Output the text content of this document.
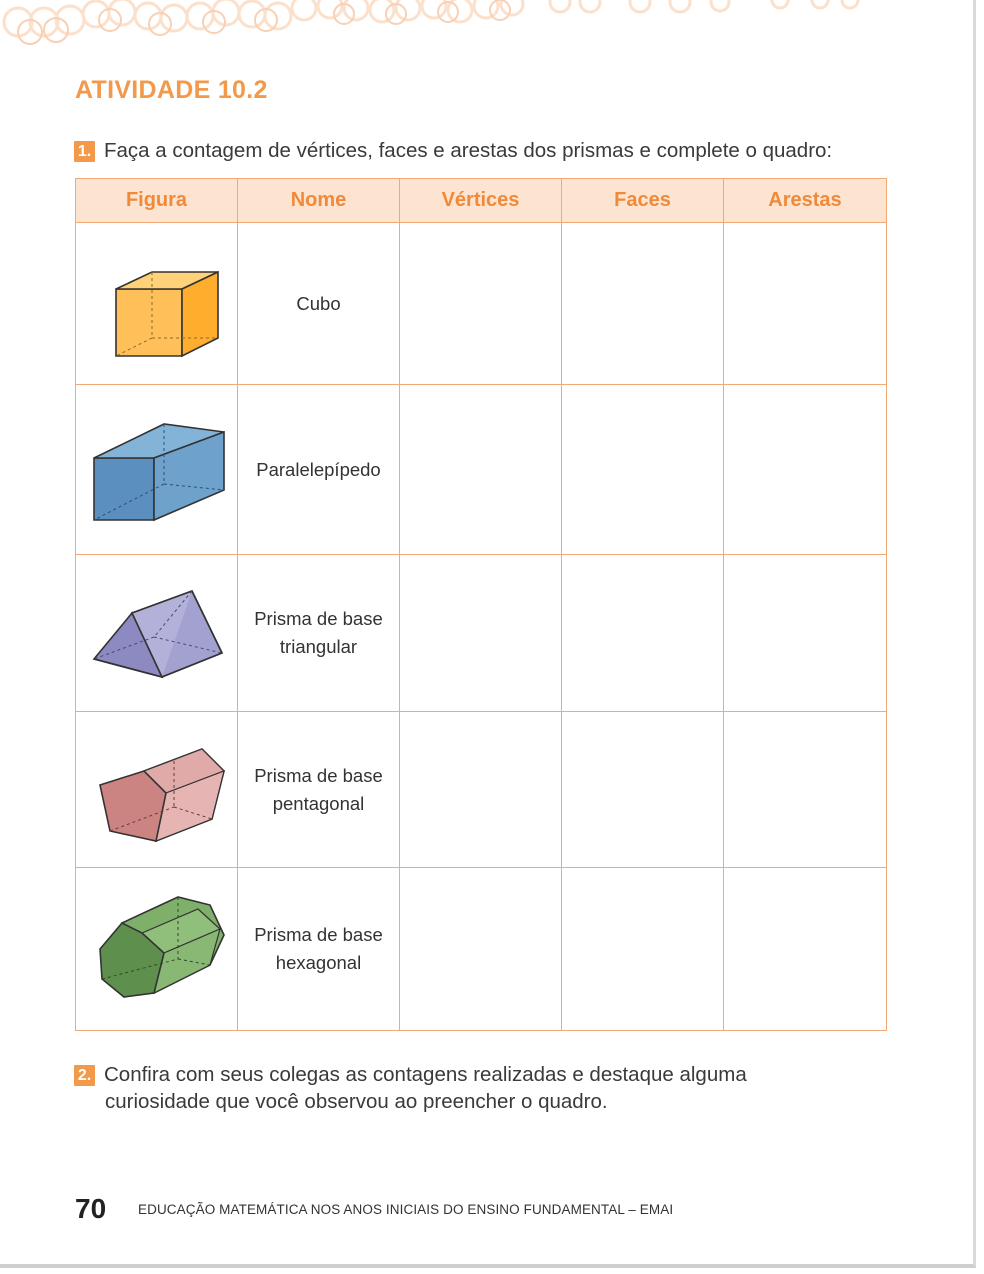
ATIVIDADE 10.2
1. Faça a contagem de vértices, faces e arestas dos prismas e complete o quadro:
Figura	Nome	Vértices	Faces	Arestas

	Cubo			

	Paralelepípedo			

	Prisma de base
triangular			

	Prisma de base
pentagonal			

	Prisma de base
hexagonal			
2. Confira com seus colegas as contagens realizadas e destaque alguma
curiosidade que você observou ao preencher o quadro.
70 EDUCAÇÃO MATEMÁTICA NOS ANOS INICIAIS DO ENSINO FUNDAMENTAL – EMAI
